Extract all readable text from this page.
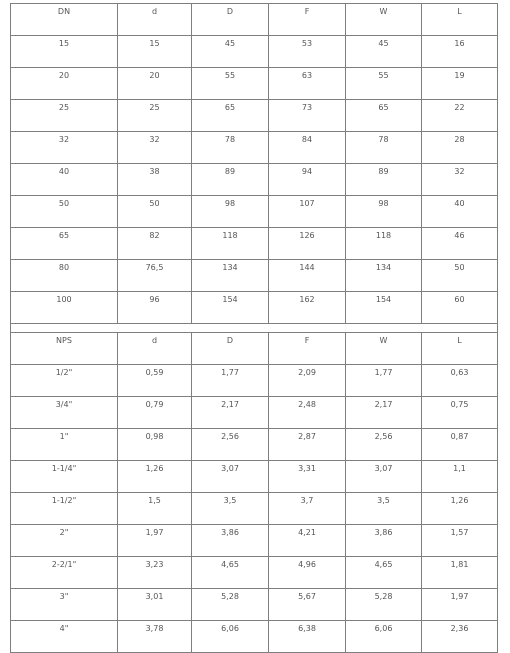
DN	d	D	F	W	L

15	15	45	53	45	16

20	20	55	63	55	19

25	25	65	73	65	22

32	32	78	84	78	28

40	38	89	94	89	32

50	50	98	107	98	40

65	82	118	126	118	46

80	76,5	134	144	134	50

100	96	154	162	154	60

NPS	d	D	F	W	L

1/2"	0,59	1,77	2,09	1,77	0,63

3/4"	0,79	2,17	2,48	2,17	0,75

1"	0,98	2,56	2,87	2,56	0,87

1-1/4"	1,26	3,07	3,31	3,07	1,1

1-1/2"	1,5	3,5	3,7	3,5	1,26

2"	1,97	3,86	4,21	3,86	1,57

2-2/1"	3,23	4,65	4,96	4,65	1,81

3"	3,01	5,28	5,67	5,28	1,97

4"	3,78	6,06	6,38	6,06	2,36
